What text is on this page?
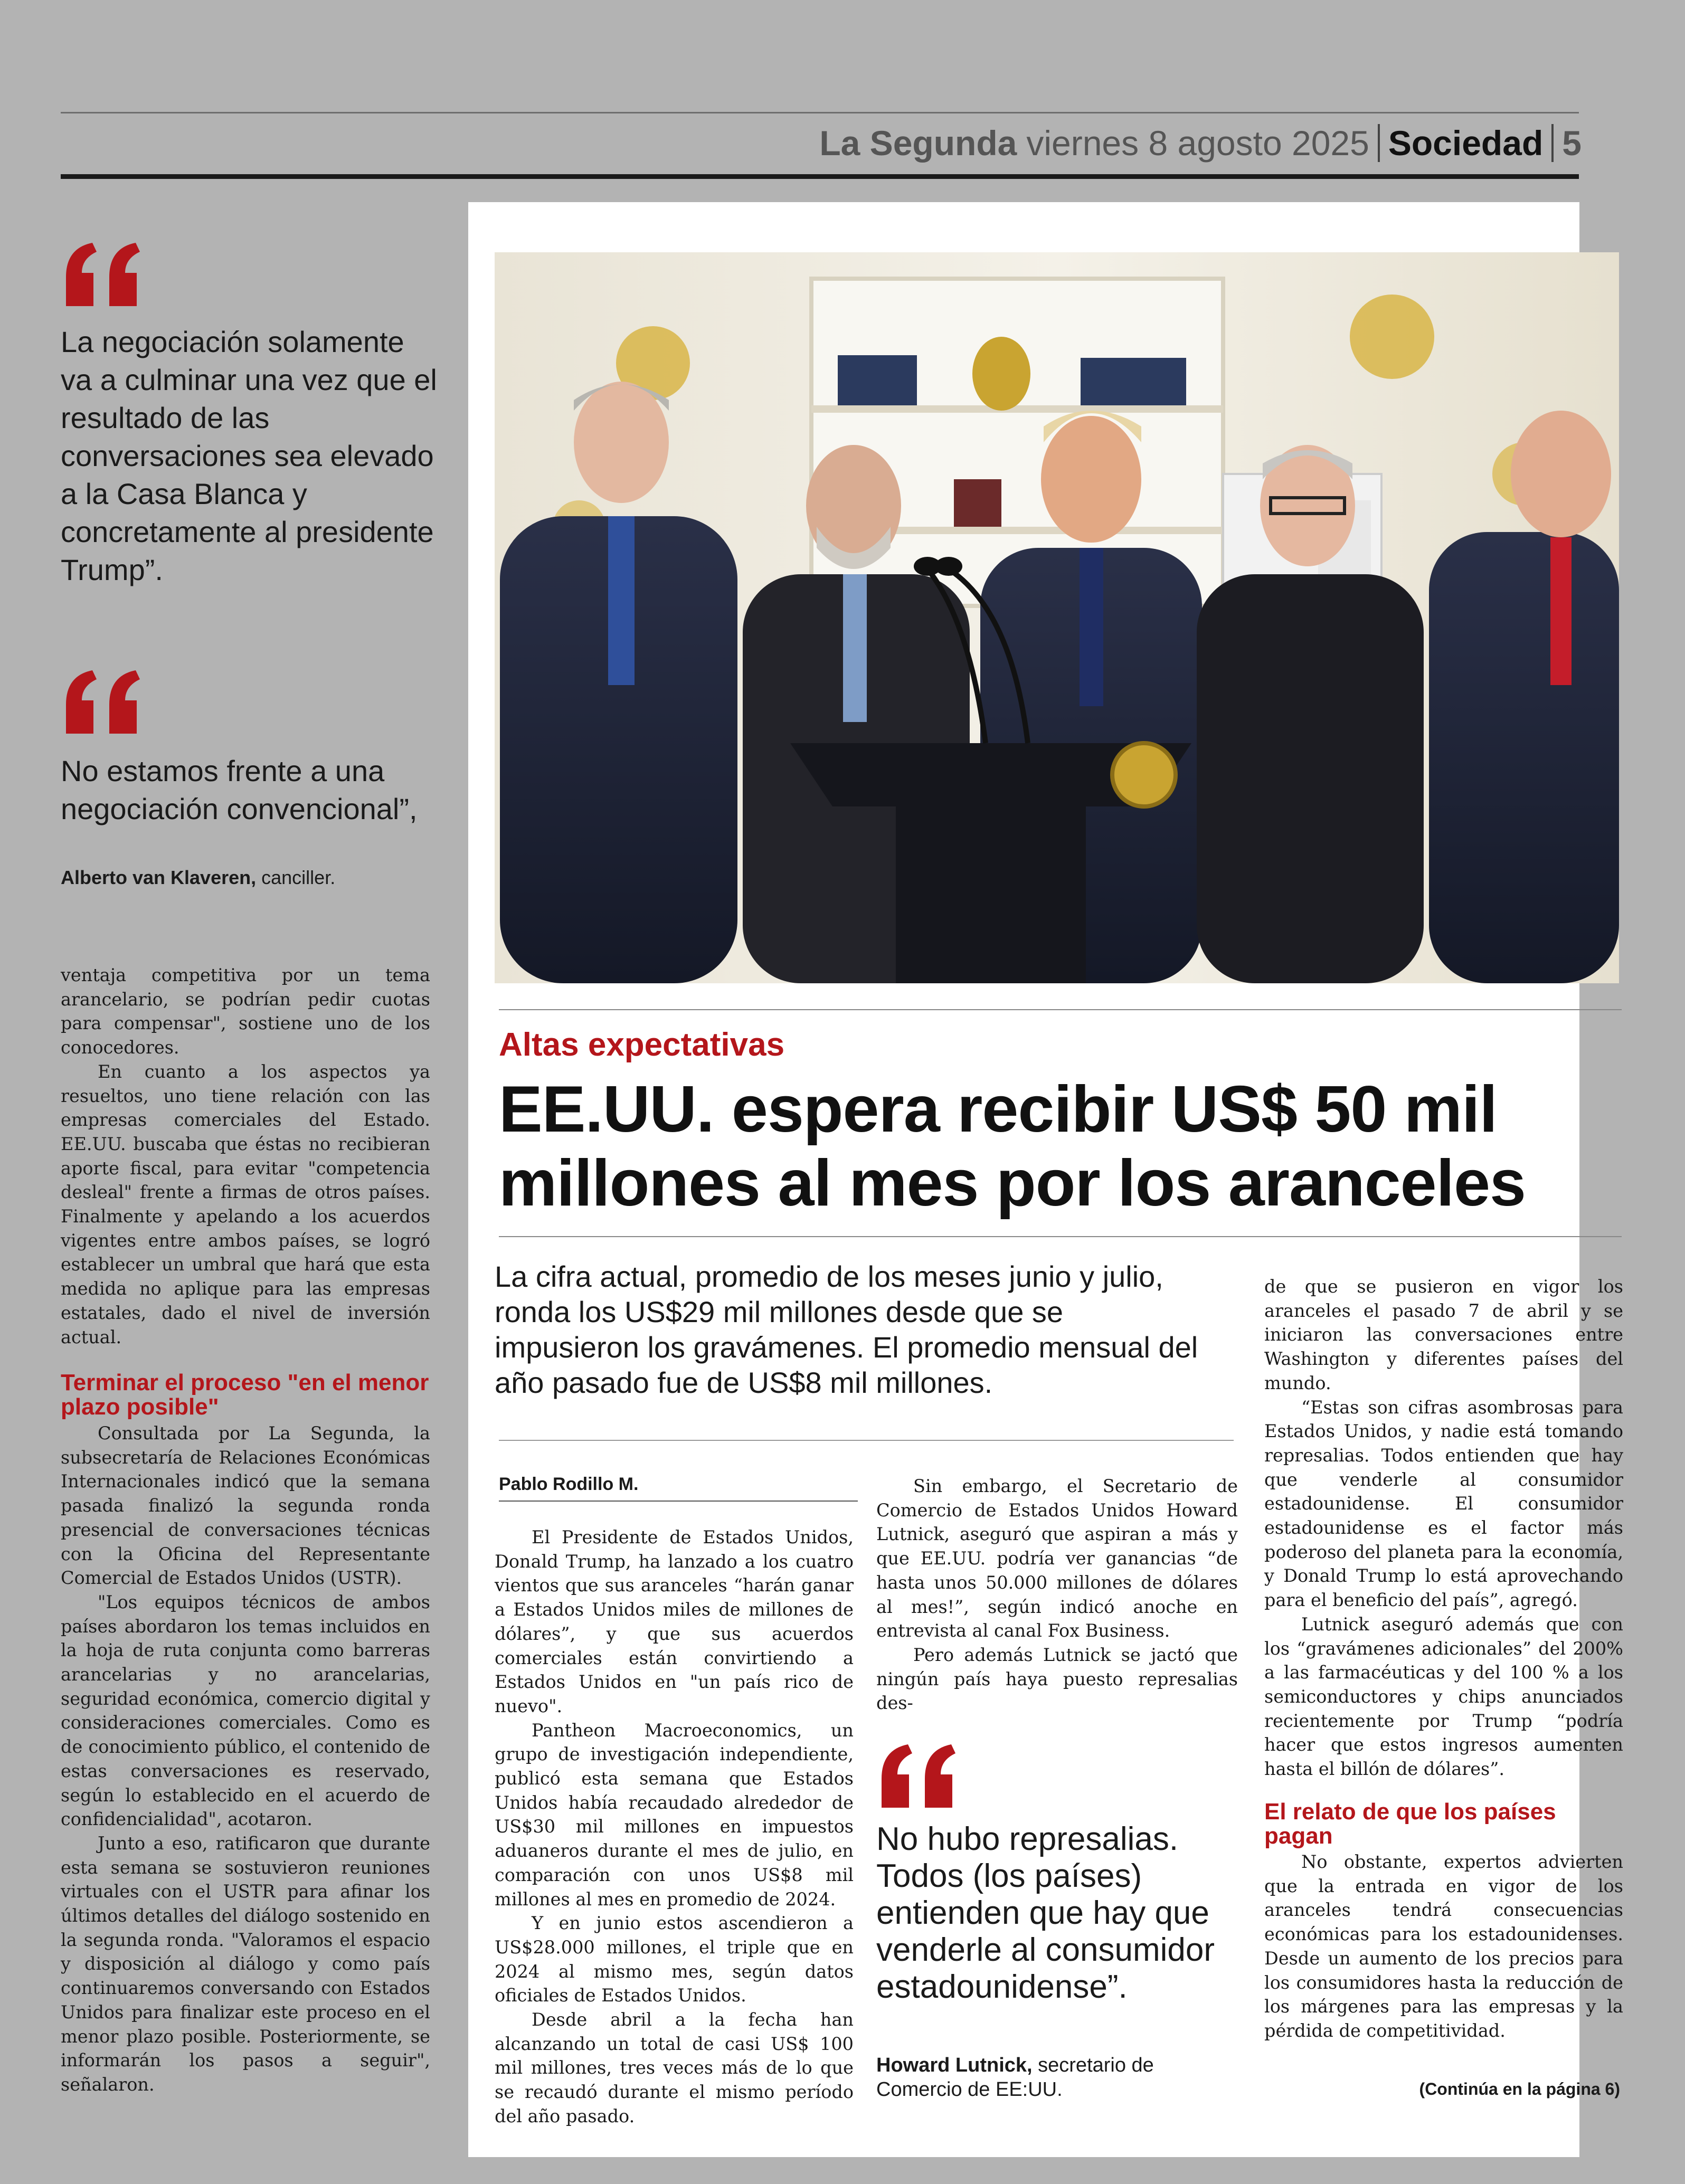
La Segunda viernes 8 agosto 2025 Sociedad 5
La negociación solamente va a culminar una vez que el resultado de las conversaciones sea elevado a la Casa Blanca y concretamente al presidente Trump”.
No estamos frente a una negociación convencional”,
Alberto van Klaveren, canciller.

ventaja competitiva por un tema arancelario, se podrían pedir cuotas para compensar", sostiene uno de los conocedores.

En cuanto a los aspectos ya resueltos, uno tiene relación con las empresas comerciales del Estado. EE.UU. buscaba que éstas no recibieran aporte fiscal, para evitar "competencia desleal" frente a firmas de otros países. Finalmente y apelando a los acuerdos vigentes entre ambos países, se logró establecer un umbral que hará que esta medida no aplique para las empresas estatales, dado el nivel de inversión actual.

Terminar el proceso "en el menor plazo posible"

Consultada por La Segunda, la subsecretaría de Relaciones Económicas Internacionales indicó que la semana pasada finalizó la segunda ronda presencial de conversaciones técnicas con la Oficina del Representante Comercial de Estados Unidos (USTR).

"Los equipos técnicos de ambos países abordaron los temas incluidos en la hoja de ruta conjunta como barreras arancelarias y no arancelarias, seguridad económica, comercio digital y consideraciones comerciales. Como es de conocimiento público, el contenido de estas conversaciones es reservado, según lo establecido en el acuerdo de confidencialidad", acotaron.

Junto a eso, ratificaron que durante esta semana se sostuvieron reuniones virtuales con el USTR para afinar los últimos detalles del diálogo sostenido en la segunda ronda. "Valoramos el espacio y disposición al diálogo y como país continuaremos conversando con Estados Unidos para finalizar este proceso en el menor plazo posible. Posteriormente, se informarán los pasos a seguir", señalaron.

Altas expectativas
EE.UU. espera recibir US$ 50 mil millones al mes por los aranceles
La cifra actual, promedio de los meses junio y julio, ronda los US$29 mil millones desde que se impusieron los gravámenes. El promedio mensual del año pasado fue de US$8 mil millones.
Pablo Rodillo M.

El Presidente de Estados Unidos, Donald Trump, ha lanzado a los cuatro vientos que sus aranceles “harán ganar a Estados Unidos miles de millones de dólares”, y que sus acuerdos comerciales están convirtiendo a Estados Unidos en "un país rico de nuevo".

Pantheon Macroeconomics, un grupo de investigación independiente, publicó esta semana que Estados Unidos había recaudado alrededor de US$30 mil millones en impuestos aduaneros durante el mes de julio, en comparación con unos US$8 mil millones al mes en promedio de 2024.

Y en junio estos ascendieron a US$28.000 millones, el triple que en 2024 al mismo mes, según datos oficiales de Estados Unidos.

Desde abril a la fecha han alcanzando un total de casi US$ 100 mil millones, tres veces más de lo que se recaudó durante el mismo período del año pasado.

Sin embargo, el Secretario de Comercio de Estados Unidos Howard Lutnick, aseguró que aspiran a más y que EE.UU. podría ver ganancias “de hasta unos 50.000 millones de dólares al mes!”, según indicó anoche en entrevista al canal Fox Business.

Pero además Lutnick se jactó que ningún país haya puesto represalias des-

No hubo represalias. Todos (los países) entienden que hay que venderle al consumidor estadounidense”.
Howard Lutnick, secretario de Comercio de EE:UU.

de que se pusieron en vigor los aranceles el pasado 7 de abril y se iniciaron las conversaciones entre Washington y diferentes países del mundo.

“Estas son cifras asombrosas para Estados Unidos, y nadie está tomando represalias. Todos entienden que hay que venderle al consumidor estadounidense. El consumidor estadounidense es el factor más poderoso del planeta para la economía, y Donald Trump lo está aprovechando para el beneficio del país”, agregó.

Lutnick aseguró además que con los “gravámenes adicionales” del 200% a las farmacéuticas y del 100 % a los semiconductores y chips anunciados recientemente por Trump “podría hacer que estos ingresos aumenten hasta el billón de dólares”.

El relato de que los países pagan

No obstante, expertos advierten que la entrada en vigor de los aranceles tendrá consecuencias económicas para los estadounidenses. Desde un aumento de los precios para los consumidores hasta la reducción de los márgenes para las empresas y la pérdida de competitividad.

(Continúa en la página 6)
